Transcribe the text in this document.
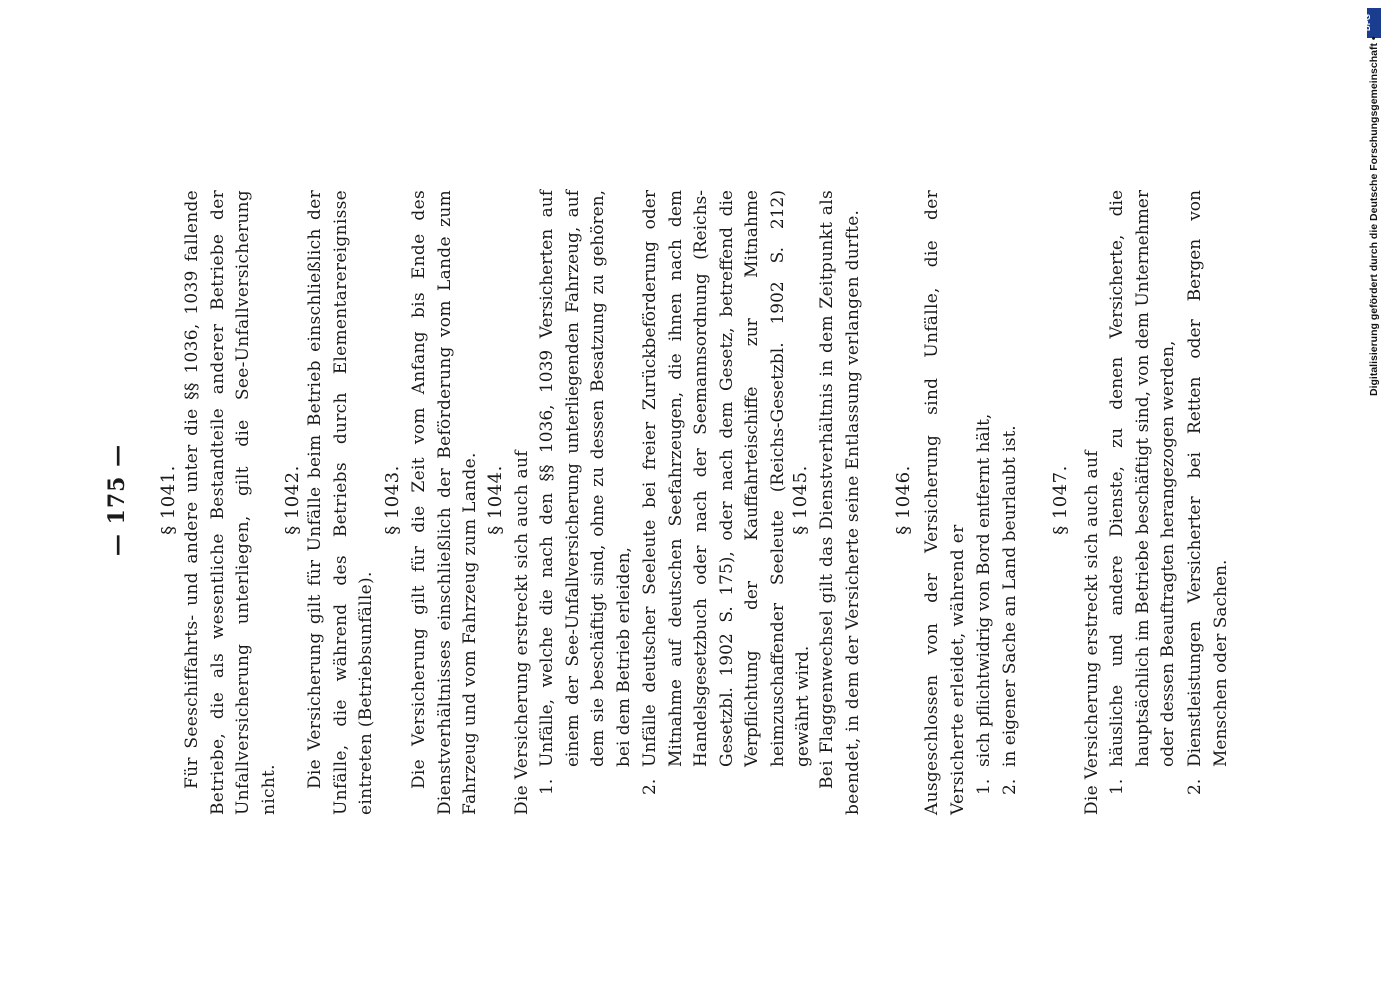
— 175 — § 1041. Für Seeschiffahrts- und andere unter die §§ 1036, 1039 fallende Betriebe, die als wesentliche Bestandteile anderer Betriebe der Unfallversicherung unterliegen, gilt die See-Unfallversicherung nicht.
§ 1042. Die Versicherung gilt für Unfälle beim Betrieb einschließlich der Unfälle, die während des Betriebs durch Elementarereignisse eintreten (Betriebsunfälle).
§ 1043. Die Versicherung gilt für die Zeit vom Anfang bis Ende des Dienstverhältnisses einschließlich der Beförderung vom Lande zum Fahrzeug und vom Fahrzeug zum Lande. § 1044. Die Versicherung erstreckt sich auch auf 1.
Unfälle, welche die nach den §§ 1036, 1039 Versicherten auf einem der See-Unfallversicherung unterliegenden Fahrzeug, auf dem sie beschäftigt sind, ohne zu dessen Besatzung zu gehören, bei dem Betrieb erleiden,
2.
Unfälle deutscher Seeleute bei freier Zurückbeförderung oder Mitnahme auf deutschen Seefahrzeugen, die ihnen nach dem Handelsgesetzbuch oder nach der Seemannsordnung (Reichs-Gesetzbl. 1902 S. 175), oder nach dem Gesetz, betreffend die Verpflichtung der Kauffahrteischiffe zur Mitnahme heimzuschaffender Seeleute (Reichs-Gesetzbl. 1902 S. 212) gewährt wird.
§ 1045. Bei Flaggenwechsel gilt das Dienstverhältnis in dem Zeitpunkt als beendet, in dem der Versicherte seine Entlassung verlangen durfte. § 1046. Ausgeschlossen von der Versicherung sind Unfälle, die der Versicherte erleidet, während er 1.
sich pflichtwidrig von Bord entfernt hält,
2.
in eigener Sache an Land beurlaubt ist. § 1047. Die Versicherung erstreckt sich auch auf 1.
häusliche und andere Dienste, zu denen Versicherte, die hauptsächlich im Betriebe beschäftigt sind, von dem Unternehmer oder dessen Beauftragten herangezogen werden,
2.
Dienstleistungen Versicherter bei Retten oder Bergen von Menschen oder Sachen.
DFG
Digitalisierung gefördert durch die Deutsche Forschungsgemeinschaft •
